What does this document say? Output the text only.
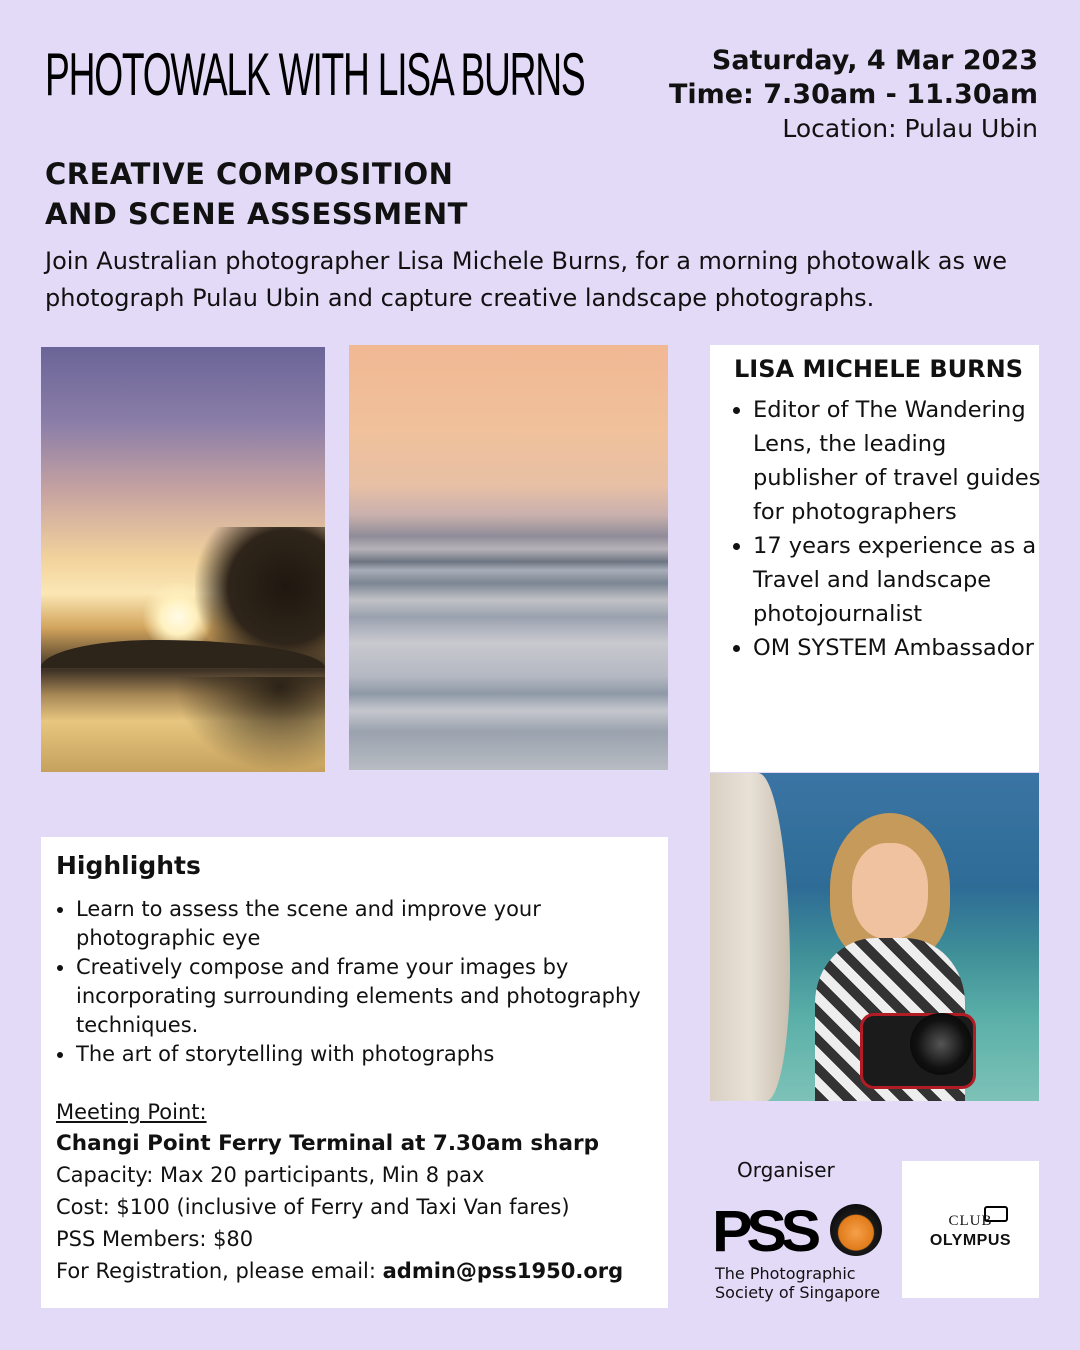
PHOTOWALK WITH LISA BURNS	Saturday, 4 Mar 2023
Time: 7.30am - 11.30am
Location: Pulau Ubin
CREATIVE COMPOSITION
AND SCENE ASSESSMENT
Join Australian photographer Lisa Michele Burns, for a morning photowalk as we photograph Pulau Ubin and capture creative landscape photographs.
LISA MICHELE BURNS
• Editor of The Wandering Lens, the leading publisher of travel guides for photographers
• 17 years experience as a Travel and landscape photojournalist
• OM SYSTEM Ambassador
Highlights
• Learn to assess the scene and improve your photographic eye
• Creatively compose and frame your images by incorporating surrounding elements and photography techniques.
• The art of storytelling with photographs
Meeting Point:
Changi Point Ferry Terminal at 7.30am sharp
Capacity: Max 20 participants, Min 8 pax
Cost: $100 (inclusive of Ferry and Taxi Van fares)
PSS Members: $80
For Registration, please email: admin@pss1950.org
Organiser
PSS
The Photographic
Society of Singapore
CLUB
OLYMPUS
